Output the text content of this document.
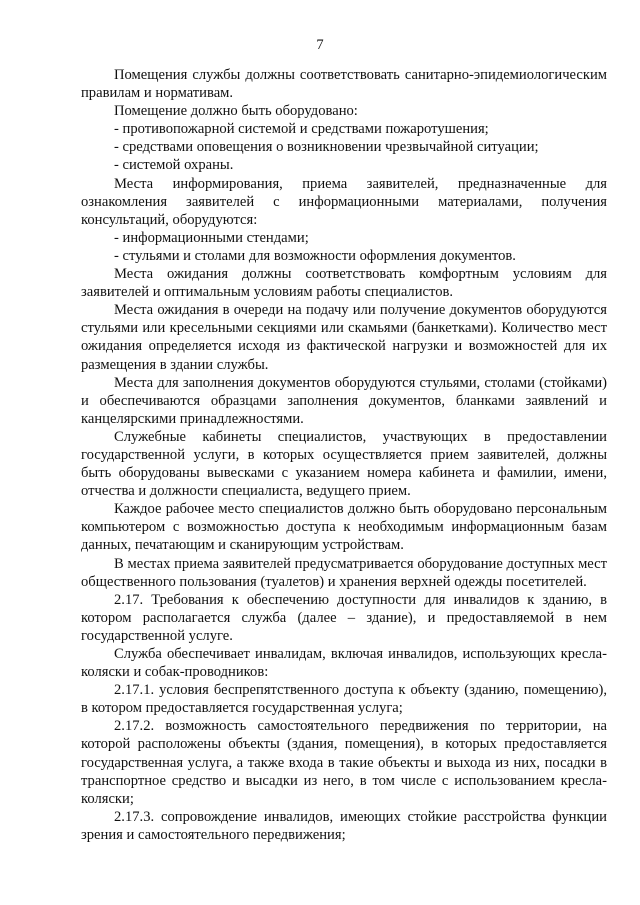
7

Помещения службы должны соответствовать санитарно-эпидемиологическим правилам и нормативам.

Помещение должно быть оборудовано:

- противопожарной системой и средствами пожаротушения;

- средствами оповещения о возникновении чрезвычайной ситуации;

- системой охраны.

Места информирования, приема заявителей, предназначенные для ознакомления заявителей с информационными материалами, получения консультаций, оборудуются:

- информационными стендами;

- стульями и столами для возможности оформления документов.

Места ожидания должны соответствовать комфортным условиям для заявителей и оптимальным условиям работы специалистов.

Места ожидания в очереди на подачу или получение документов оборудуются стульями или кресельными секциями или скамьями (банкетками). Количество мест ожидания определяется исходя из фактической нагрузки и возможностей для их размещения в здании службы.

Места для заполнения документов оборудуются стульями, столами (стойками) и обеспечиваются образцами заполнения документов, бланками заявлений и канцелярскими принадлежностями.

Служебные кабинеты специалистов, участвующих в предоставлении государственной услуги, в которых осуществляется прием заявителей, должны быть оборудованы вывесками с указанием номера кабинета и фамилии, имени, отчества и должности специалиста, ведущего прием.

Каждое рабочее место специалистов должно быть оборудовано персональным компьютером с возможностью доступа к необходимым информационным базам данных, печатающим и сканирующим устройствам.

В местах приема заявителей предусматривается оборудование доступных мест общественного пользования (туалетов) и хранения верхней одежды посетителей.

2.17. Требования к обеспечению доступности для инвалидов к зданию, в котором располагается служба (далее – здание), и предоставляемой в нем государственной услуге.

Служба обеспечивает инвалидам, включая инвалидов, использующих кресла-коляски и собак-проводников:

2.17.1. условия беспрепятственного доступа к объекту (зданию, помещению), в котором предоставляется государственная услуга;

2.17.2. возможность самостоятельного передвижения по территории, на которой расположены объекты (здания, помещения), в которых предоставляется государственная услуга, а также входа в такие объекты и выхода из них, посадки в транспортное средство и высадки из него, в том числе с использованием кресла-коляски;

2.17.3. сопровождение инвалидов, имеющих стойкие расстройства функции зрения и самостоятельного передвижения;
